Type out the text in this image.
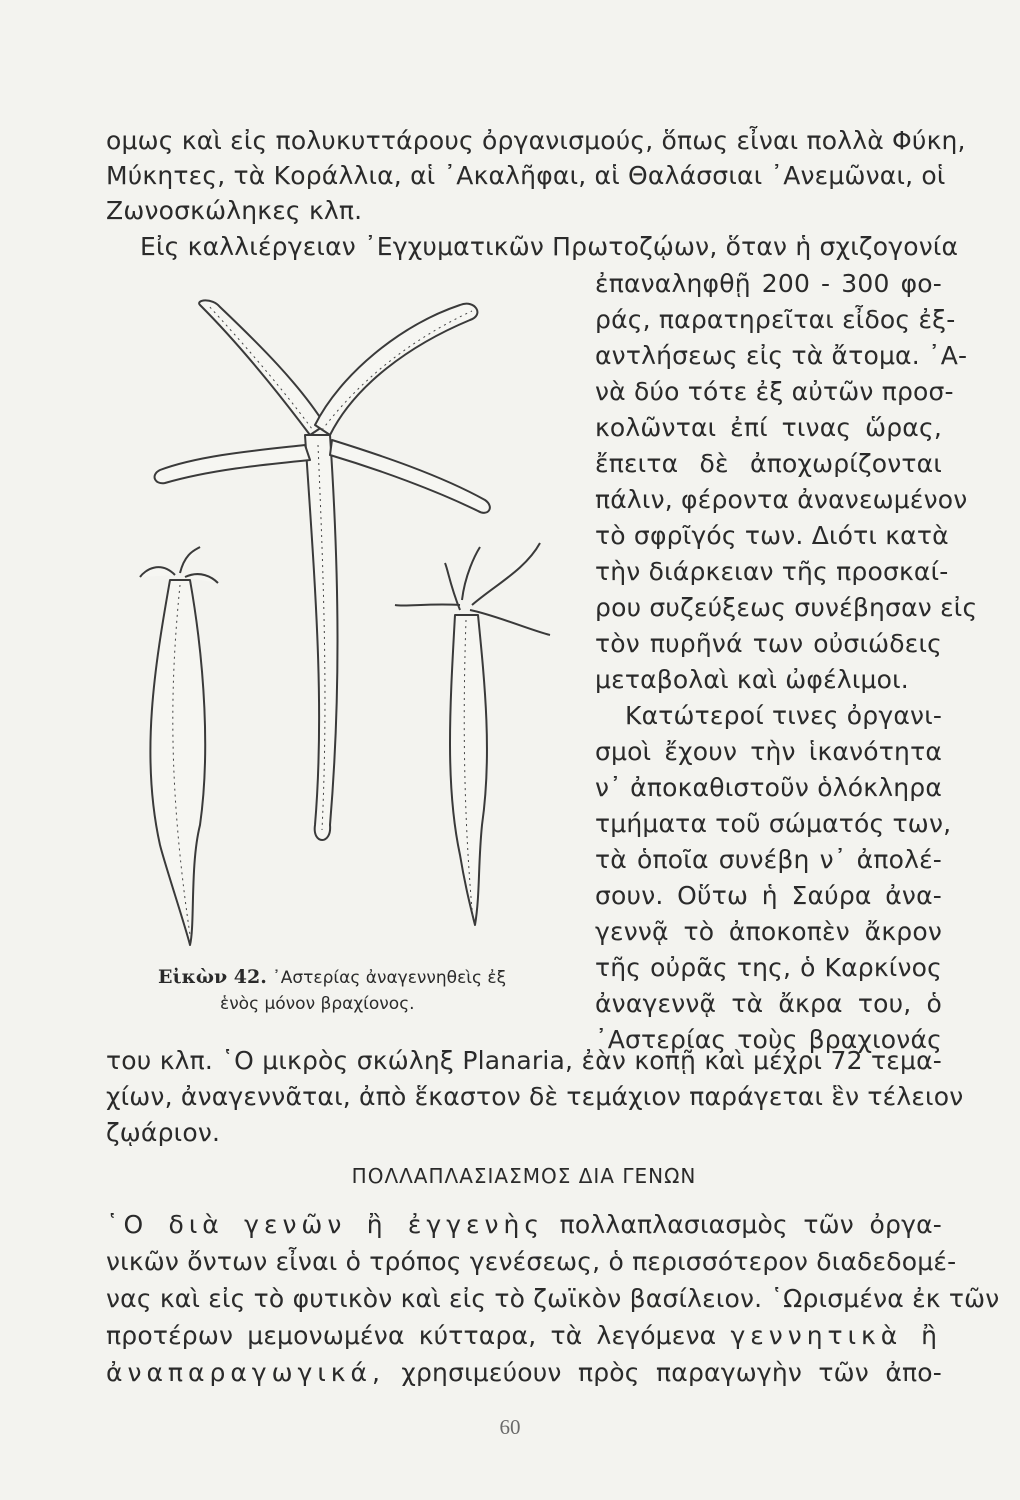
ομως καὶ εἰς πολυκυττάρους ὀργανισμούς, ὅπως εἶναι πολλὰ Φύκη,
Μύκητες, τὰ Κοράλλια, αἱ ᾿Ακαλῆφαι, αἱ Θαλάσσιαι ᾿Ανεμῶναι, οἱ
Ζωνοσκώληκες κλπ.
Εἰς καλλιέργειαν ᾿Εγχυματικῶν Πρωτοζῴων, ὅταν ἡ σχιζογονία
ἐπαναληφθῇ 200 - 300 φο-
ράς, παρατηρεῖται εἶδος ἐξ-
αντλήσεως εἰς τὰ ἄτομα. ᾿Α-
νὰ δύο τότε ἐξ αὐτῶν προσ-
κολῶνται ἐπί τινας ὥρας,
ἔπειτα δὲ ἀποχωρίζονται
πάλιν, φέροντα ἀνανεωμένον
τὸ σφρῖγός των. Διότι κατὰ
τὴν διάρκειαν τῆς προσκαί-
ρου συζεύξεως συνέβησαν εἰς
τὸν πυρῆνά των οὐσιώδεις
μεταβολαὶ καὶ ὠφέλιμοι.
Κατώτεροί τινες ὀργανι-
σμοὶ ἔχουν τὴν ἱκανότητα
ν᾿ ἀποκαθιστοῦν ὁλόκληρα
τμήματα τοῦ σώματός των,
τὰ ὁποῖα συνέβη ν᾿ ἀπολέ-
σουν. Οὕτω ἡ Σαύρα ἀνα-
γεννᾷ τὸ ἀποκοπὲν ἄκρον
τῆς οὐρᾶς της, ὁ Καρκίνος
ἀναγεννᾷ τὰ ἄκρα του, ὁ
᾿Αστερίας τοὺς βραχιονάς
Εἰκὼν 42. ᾿Αστερίας ἀναγεννηθεὶς ἐξ
ἑνὸς μόνον βραχίονος.
του κλπ. ῾Ο μικρὸς σκώληξ Planaria, ἐὰν κοπῇ καὶ μέχρι 72 τεμα-
χίων, ἀναγεννᾶται, ἀπὸ ἕκαστον δὲ τεμάχιον παράγεται ἓν τέλειον
ζῳάριον.
ΠΟΛΛΑΠΛΑΣΙΑΣΜΟΣ ΔΙΑ ΓΕΝΩΝ
῾Ο διὰ γενῶν ἢ ἐγγενὴς πολλαπλασιασμὸς τῶν ὀργα-
νικῶν ὄντων εἶναι ὁ τρόπος γενέσεως, ὁ περισσότερον διαδεδομέ-
νας καὶ εἰς τὸ φυτικὸν καὶ εἰς τὸ ζωϊκὸν βασίλειον. ῾Ωρισμένα ἐκ τῶν
προτέρων μεμονωμένα κύτταρα, τὰ λεγόμενα γεννητικὰ ἢ
ἀναπαραγωγικά, χρησιμεύουν πρὸς παραγωγὴν τῶν ἀπο-
60
